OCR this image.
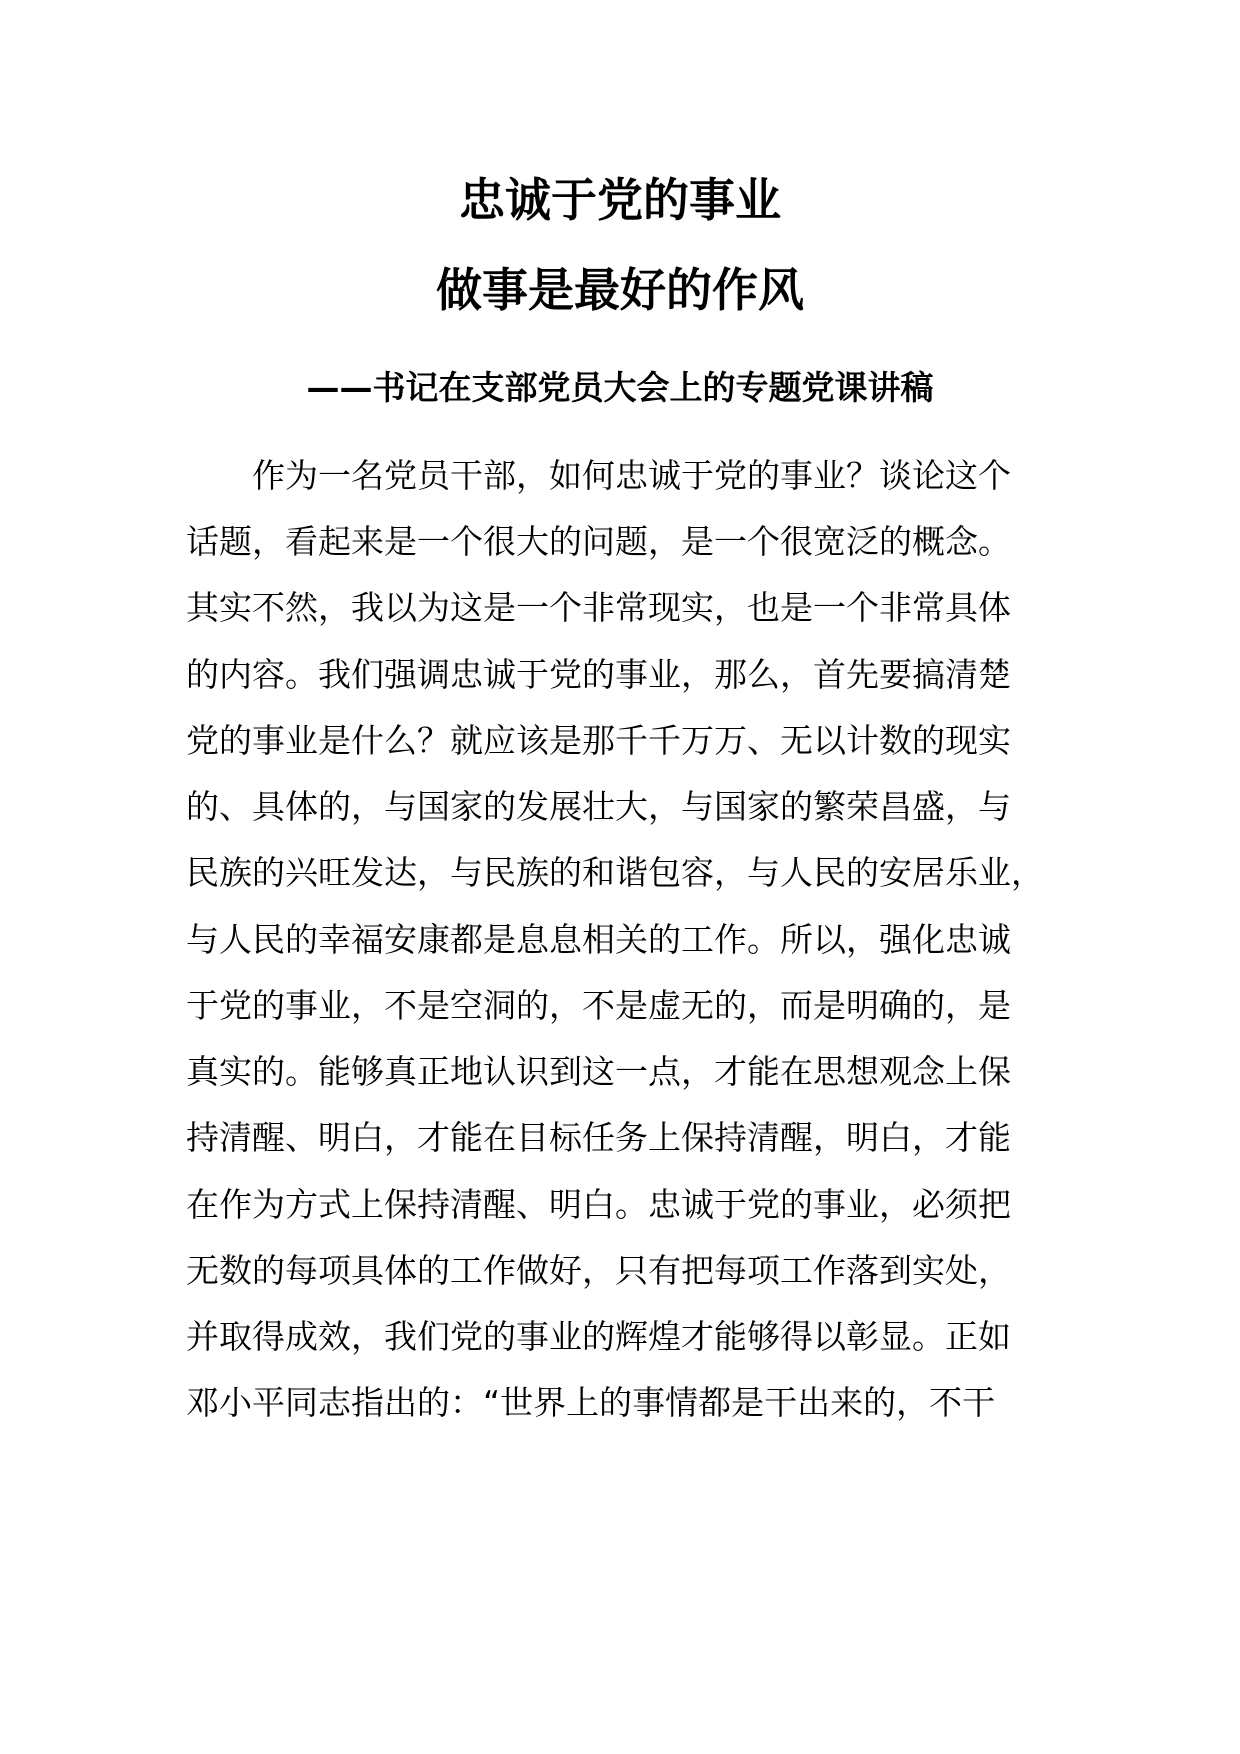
忠诚于党的事业
做事是最好的作风
——书记在支部党员大会上的专题党课讲稿
　　作为一名党员干部，如何忠诚于党的事业？谈论这个
话题，看起来是一个很大的问题，是一个很宽泛的概念。
其实不然，我以为这是一个非常现实，也是一个非常具体
的内容。我们强调忠诚于党的事业，那么，首先要搞清楚
党的事业是什么？就应该是那千千万万、无以计数的现实
的、具体的，与国家的发展壮大，与国家的繁荣昌盛，与
民族的兴旺发达，与民族的和谐包容，与人民的安居乐业，
与人民的幸福安康都是息息相关的工作。所以，强化忠诚
于党的事业，不是空洞的，不是虚无的，而是明确的，是
真实的。能够真正地认识到这一点，才能在思想观念上保
持清醒、明白，才能在目标任务上保持清醒，明白，才能
在作为方式上保持清醒、明白。忠诚于党的事业，必须把
无数的每项具体的工作做好，只有把每项工作落到实处，
并取得成效，我们党的事业的辉煌才能够得以彰显。正如
邓小平同志指出的：“世界上的事情都是干出来的，不干
